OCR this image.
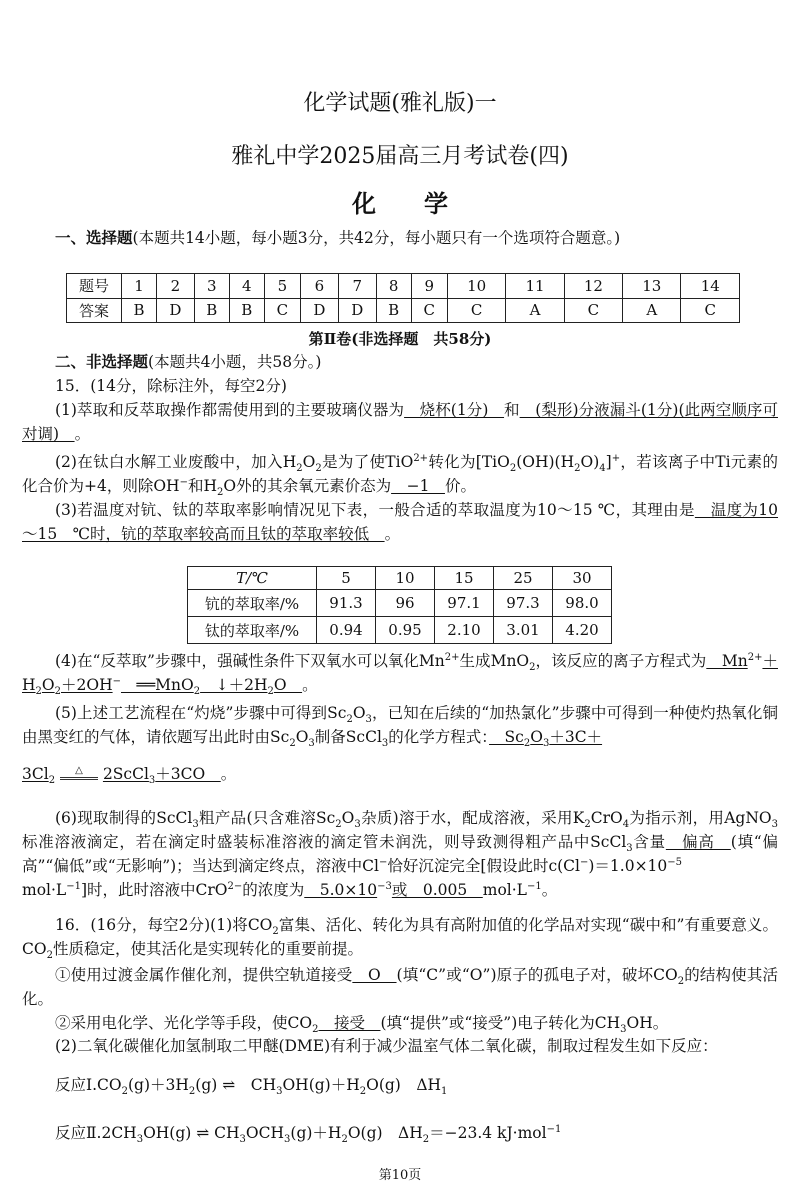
化学试题(雅礼版)一
雅礼中学2025届高三月考试卷(四)
化　　学
一、选择题(本题共14小题，每小题3分，共42分，每小题只有一个选项符合题意。)
题号	1	2	3	4	5	6	7	8	9	10	11	12	13	14
答案	B	D	B	B	C	D	D	B	C	C	A	C	A	C
第Ⅱ卷(非选择题　共58分)
二、非选择题(本题共4小题，共58分。)
15．(14分，除标注外，每空2分)
(1)萃取和反萃取操作都需使用到的主要玻璃仪器为　烧杯(1分)　和　(梨形)分液漏斗(1分)(此两空顺序可对调)　。
(2)在钛白水解工业废酸中，加入$H_2O_2$是为了使TiO$^{2+}$转化为$[TiO_2(OH)(H_2O)_4]^+$，若该离子中Ti元素的化合价为+4，则除OH−和$H_2O$外的其余氧元素价态为　−1　价。
(3)若温度对钪、钛的萃取率影响情况见下表，一般合适的萃取温度为10～15 ℃，其理由是　温度为10～15　℃时，钪的萃取率较高而且钛的萃取率较低　。
T/℃	5	10	15	25	30
钪的萃取率/%	91.3	96	97.1	97.3	98.0
钛的萃取率/%	0.94	0.95	2.10	3.01	4.20
(4)在“反萃取”步骤中，强碱性条件下双氧水可以氧化$Mn^{2+}$生成MnO$_2$，该反应的离子方程式为　$Mn^{2+}+H_2O_2+2OH^-$　══MnO$_2$　$↓+2H_2O$　。
(5)上述工艺流程在“灼烧”步骤中可得到$Sc_2O_3$，已知在后续的“加热氯化”步骤中可得到一种使灼热氧化铜由黑变红的气体，请依题写出此时由$Sc_2O_3$制备ScCl$_3$的化学方程式：　$Sc_2O_3+3C+$
$3Cl_2$ △ 2ScCl$_3$＋3CO　。
(6)现取制得的ScCl$_3$粗产品(只含难溶$Sc_2O_3$杂质)溶于水，配成溶液，采用$K_2CrO_4$为指示剂，用AgNO$_3$标准溶液滴定，若在滴定时盛装标准溶液的滴定管未润洗，则导致测得粗产品中ScCl$_3$含量　偏高　(填“偏高”“偏低”或“无影响”)；当达到滴定终点，溶液中Cl−恰好沉淀完全[假设此时$c(Cl^-)=1.0\times 10^{-5}$
$mol\cdot L^{-1}$]时，此时溶液中CrO$^{2-}$的浓度为　$5.0\times 10^{-3}$或　0.005　$mol\cdot L^{-1}$。
16．(16分，每空2分)(1)将$CO_2$富集、活化、转化为具有高附加值的化学品对实现“碳中和”有重要意义。$CO_2$性质稳定，使其活化是实现转化的重要前提。
①使用过渡金属作催化剂，提供空轨道接受　O　(填“C”或“O”)原子的孤电子对，破坏$CO_2$的结构使其活化。
②采用电化学、光化学等手段，使$CO_2$　接受　(填“提供”或“接受”)电子转化为$CH_3OH$。
(2)二氧化碳催化加氢制取二甲醚(DME)有利于减少温室气体二氧化碳，制取过程发生如下反应：
反应$Ⅰ.CO_2(g)+3H_2(g)$ ⇌　$CH_3OH(g)+H_2O(g)$　$\Delta H_1$
反应$Ⅱ.2CH_3OH(g)$ ⇌ $CH_3OCH_3(g)+H_2O(g)$　$\Delta H_2=-23.4$ kJ·mol$^{-1}$
第10页
